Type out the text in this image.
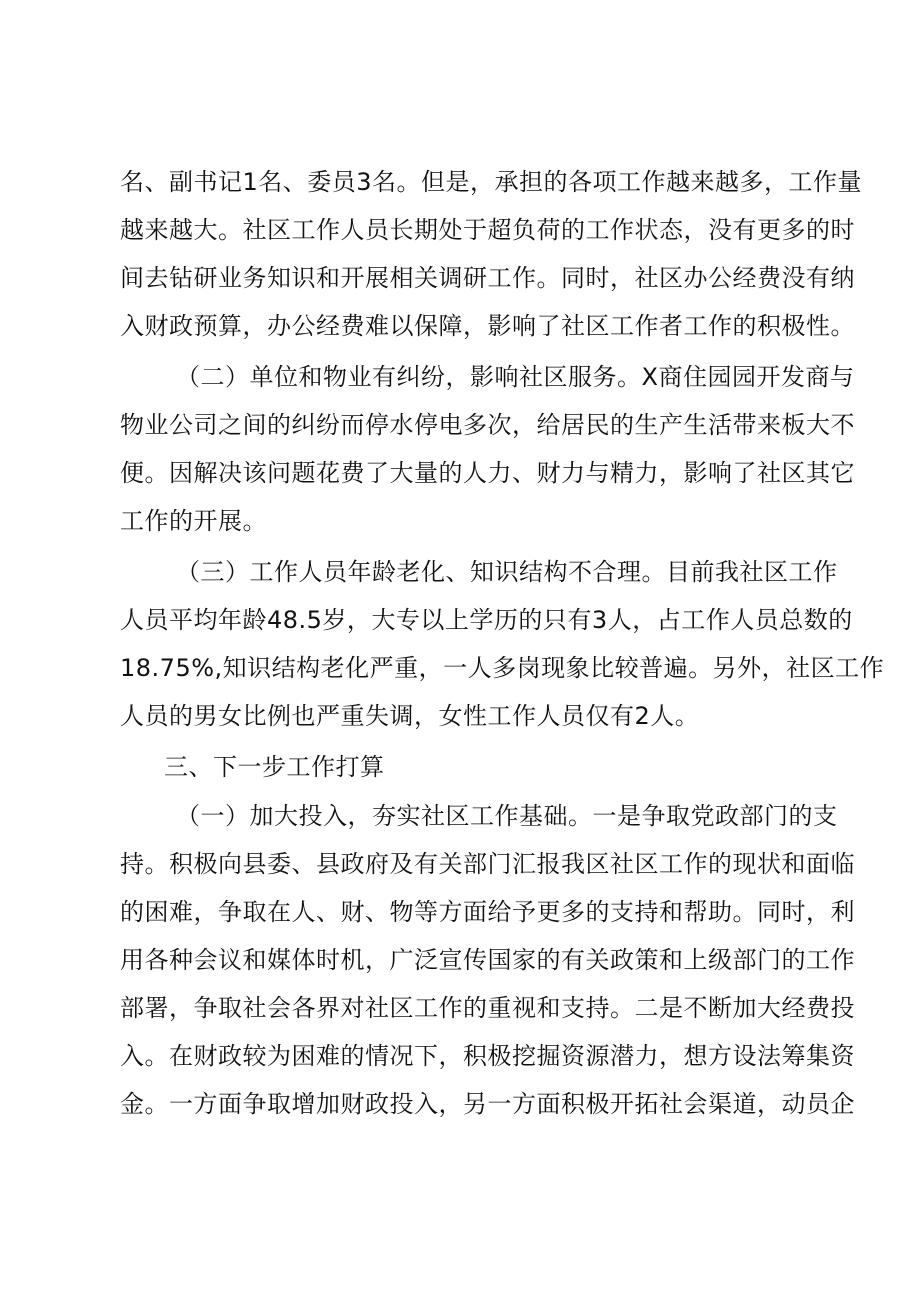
名、副书记1名、委员3名。但是，承担的各项工作越来越多，工作量
越来越大。社区工作人员长期处于超负荷的工作状态，没有更多的时
间去钻研业务知识和开展相关调研工作。同时，社区办公经费没有纳
入财政预算，办公经费难以保障，影响了社区工作者工作的积极性。
（二）单位和物业有纠纷，影响社区服务。X商住园园开发商与
物业公司之间的纠纷而停水停电多次，给居民的生产生活带来板大不
便。因解决该问题花费了大量的人力、财力与精力，影响了社区其它
工作的开展。
（三）工作人员年龄老化、知识结构不合理。目前我社区工作
人员平均年龄48.5岁，大专以上学历的只有3人，占工作人员总数的
18.75%,知识结构老化严重，一人多岗现象比较普遍。另外，社区工作
人员的男女比例也严重失调，女性工作人员仅有2人。
三、下一步工作打算
（一）加大投入，夯实社区工作基础。一是争取党政部门的支
持。积极向县委、县政府及有关部门汇报我区社区工作的现状和面临
的困难，争取在人、财、物等方面给予更多的支持和帮助。同时，利
用各种会议和媒体时机，广泛宣传国家的有关政策和上级部门的工作
部署，争取社会各界对社区工作的重视和支持。二是不断加大经费投
入。在财政较为困难的情况下，积极挖掘资源潜力，想方设法筹集资
金。一方面争取增加财政投入，另一方面积极开拓社会渠道，动员企
